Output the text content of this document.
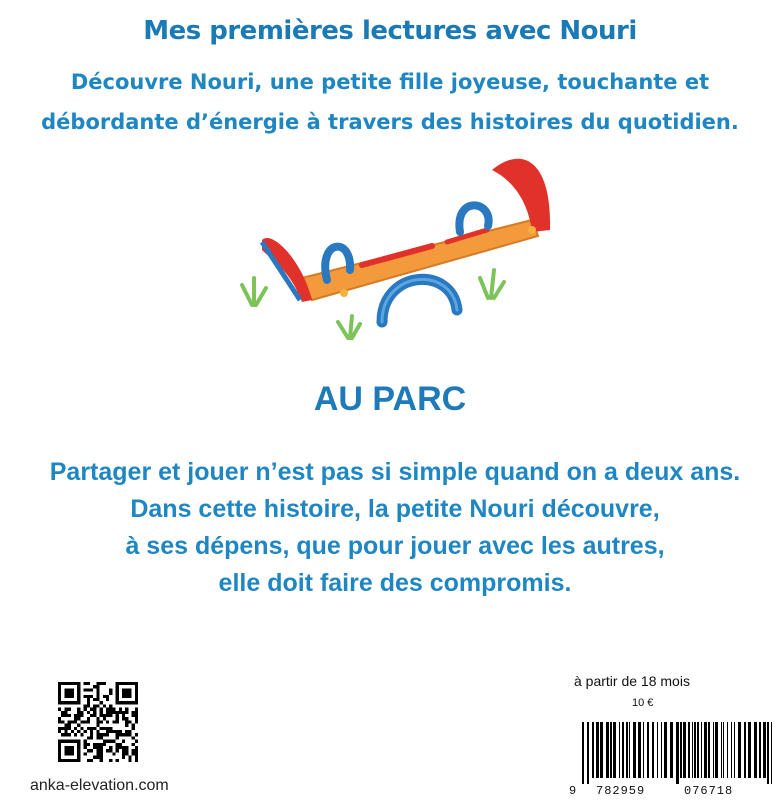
Mes premières lectures avec Nouri
Découvre Nouri, une petite fille joyeuse, touchante et
débordante d’énergie à travers des histoires du quotidien.
AU PARC
Partager et jouer n’est pas si simple quand on a deux ans.
Dans cette histoire, la petite Nouri découvre,
à ses dépens, que pour jouer avec les autres,
elle doit faire des compromis.
anka-elevation.com
à partir de 18 mois
10 €
9 782959	076718
